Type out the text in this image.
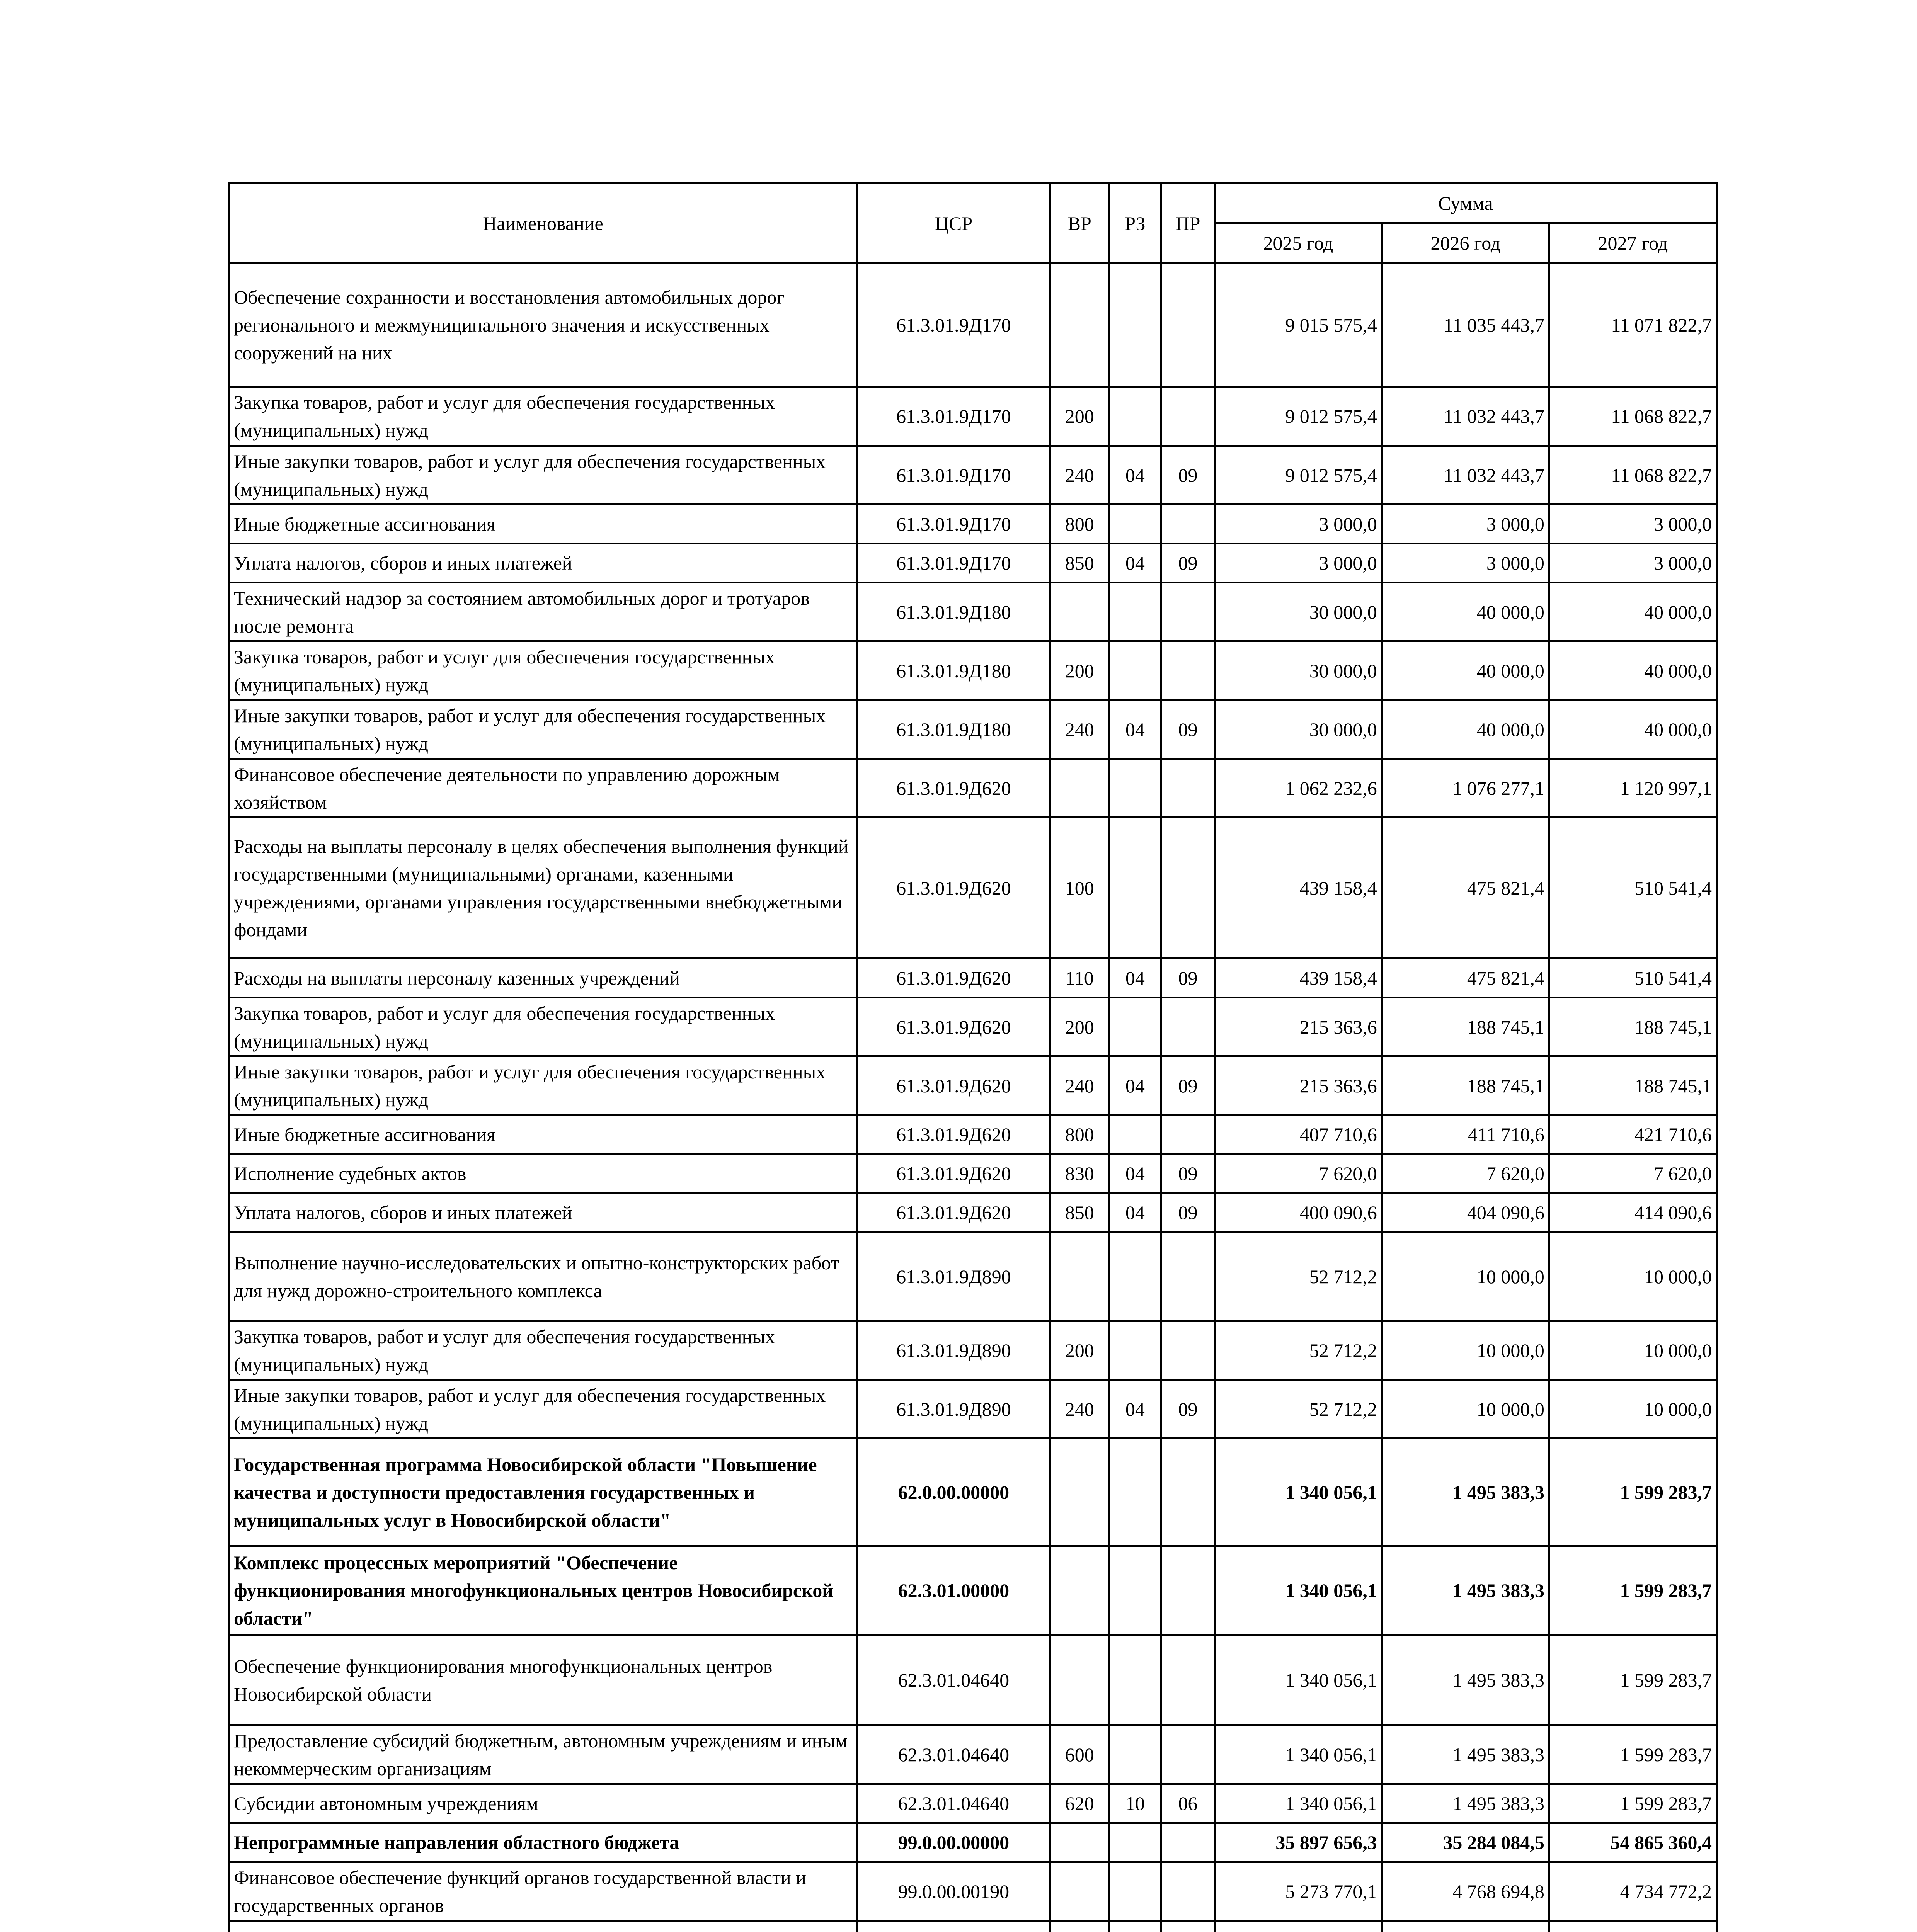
Наименование	ЦСР	ВР	РЗ	ПР	Сумма		
					2025 год	2026 год	2027 год
Обеспечение сохранности и восстановления автомобильных дорог регионального и межмуниципального значения и искусственных сооружений на них	61.3.01.9Д170				9 015 575,4	11 035 443,7	11 071 822,7
Закупка товаров, работ и услуг для обеспечения государственных (муниципальных) нужд	61.3.01.9Д170	200			9 012 575,4	11 032 443,7	11 068 822,7
Иные закупки товаров, работ и услуг для обеспечения государственных (муниципальных) нужд	61.3.01.9Д170	240	04	09	9 012 575,4	11 032 443,7	11 068 822,7
Иные бюджетные ассигнования	61.3.01.9Д170	800			3 000,0	3 000,0	3 000,0
Уплата налогов, сборов и иных платежей	61.3.01.9Д170	850	04	09	3 000,0	3 000,0	3 000,0
Технический надзор за состоянием автомобильных дорог и тротуаров после ремонта	61.3.01.9Д180				30 000,0	40 000,0	40 000,0
Закупка товаров, работ и услуг для обеспечения государственных (муниципальных) нужд	61.3.01.9Д180	200			30 000,0	40 000,0	40 000,0
Иные закупки товаров, работ и услуг для обеспечения государственных (муниципальных) нужд	61.3.01.9Д180	240	04	09	30 000,0	40 000,0	40 000,0
Финансовое обеспечение деятельности по управлению дорожным хозяйством	61.3.01.9Д620				1 062 232,6	1 076 277,1	1 120 997,1
Расходы на выплаты персоналу в целях обеспечения выполнения функций государственными (муниципальными) органами, казенными учреждениями, органами управления государственными внебюджетными фондами	61.3.01.9Д620	100			439 158,4	475 821,4	510 541,4
Расходы на выплаты персоналу казенных учреждений	61.3.01.9Д620	110	04	09	439 158,4	475 821,4	510 541,4
Закупка товаров, работ и услуг для обеспечения государственных (муниципальных) нужд	61.3.01.9Д620	200			215 363,6	188 745,1	188 745,1
Иные закупки товаров, работ и услуг для обеспечения государственных (муниципальных) нужд	61.3.01.9Д620	240	04	09	215 363,6	188 745,1	188 745,1
Иные бюджетные ассигнования	61.3.01.9Д620	800			407 710,6	411 710,6	421 710,6
Исполнение судебных актов	61.3.01.9Д620	830	04	09	7 620,0	7 620,0	7 620,0
Уплата налогов, сборов и иных платежей	61.3.01.9Д620	850	04	09	400 090,6	404 090,6	414 090,6
Выполнение научно-исследовательских и опытно-конструкторских работ для нужд дорожно-строительного комплекса	61.3.01.9Д890				52 712,2	10 000,0	10 000,0
Закупка товаров, работ и услуг для обеспечения государственных (муниципальных) нужд	61.3.01.9Д890	200			52 712,2	10 000,0	10 000,0
Иные закупки товаров, работ и услуг для обеспечения государственных (муниципальных) нужд	61.3.01.9Д890	240	04	09	52 712,2	10 000,0	10 000,0
Государственная программа Новосибирской области "Повышение качества и доступности предоставления государственных и муниципальных услуг в Новосибирской области"	62.0.00.00000				1 340 056,1	1 495 383,3	1 599 283,7
Комплекс процессных мероприятий "Обеспечение функционирования многофункциональных центров Новосибирской области"	62.3.01.00000				1 340 056,1	1 495 383,3	1 599 283,7
Обеспечение функционирования многофункциональных центров Новосибирской области	62.3.01.04640				1 340 056,1	1 495 383,3	1 599 283,7
Предоставление субсидий бюджетным, автономным учреждениям и иным некоммерческим организациям	62.3.01.04640	600			1 340 056,1	1 495 383,3	1 599 283,7
Субсидии автономным учреждениям	62.3.01.04640	620	10	06	1 340 056,1	1 495 383,3	1 599 283,7
Непрограммные направления областного бюджета	99.0.00.00000				35 897 656,3	35 284 084,5	54 865 360,4
Финансовое обеспечение функций органов государственной власти и государственных органов	99.0.00.00190				5 273 770,1	4 768 694,8	4 734 772,2
